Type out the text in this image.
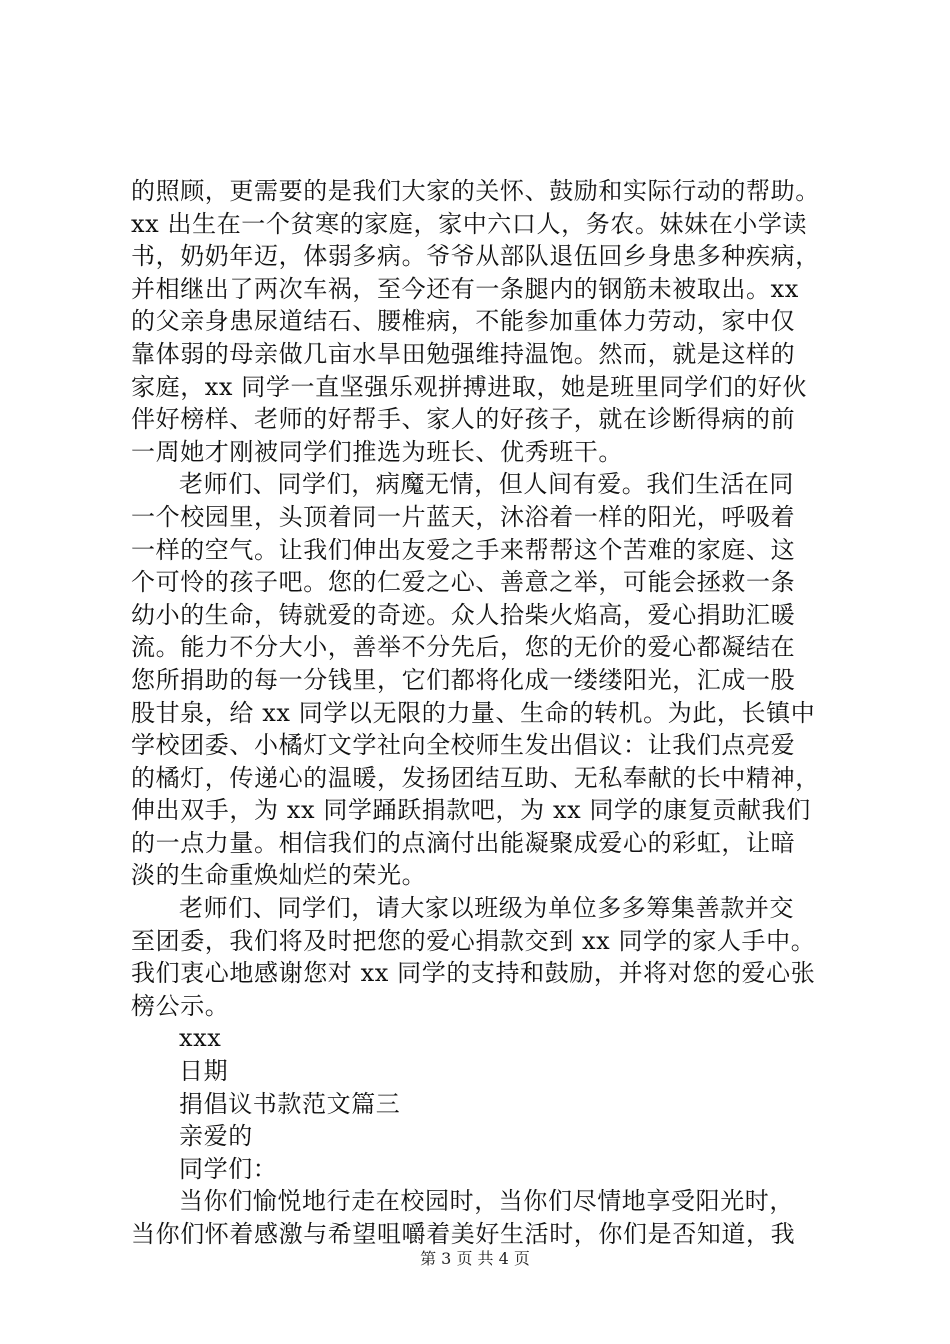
的照顾，更需要的是我们大家的关怀、鼓励和实际行动的帮助。
xx 出生在一个贫寒的家庭，家中六口人，务农。妹妹在小学读
书，奶奶年迈，体弱多病。爷爷从部队退伍回乡身患多种疾病，
并相继出了两次车祸，至今还有一条腿内的钢筋未被取出。xx
的父亲身患尿道结石、腰椎病，不能参加重体力劳动，家中仅
靠体弱的母亲做几亩水旱田勉强维持温饱。然而，就是这样的
家庭，xx 同学一直坚强乐观拼搏进取，她是班里同学们的好伙
伴好榜样、老师的好帮手、家人的好孩子，就在诊断得病的前
一周她才刚被同学们推选为班长、优秀班干。
老师们、同学们，病魔无情，但人间有爱。我们生活在同
一个校园里，头顶着同一片蓝天，沐浴着一样的阳光，呼吸着
一样的空气。让我们伸出友爱之手来帮帮这个苦难的家庭、这
个可怜的孩子吧。您的仁爱之心、善意之举，可能会拯救一条
幼小的生命，铸就爱的奇迹。众人拾柴火焰高，爱心捐助汇暖
流。能力不分大小，善举不分先后，您的无价的爱心都凝结在
您所捐助的每一分钱里，它们都将化成一缕缕阳光，汇成一股
股甘泉，给 xx 同学以无限的力量、生命的转机。为此，长镇中
学校团委、小橘灯文学社向全校师生发出倡议：让我们点亮爱
的橘灯，传递心的温暖，发扬团结互助、无私奉献的长中精神，
伸出双手，为 xx 同学踊跃捐款吧，为 xx 同学的康复贡献我们
的一点力量。相信我们的点滴付出能凝聚成爱心的彩虹，让暗
淡的生命重焕灿烂的荣光。
老师们、同学们，请大家以班级为单位多多筹集善款并交
至团委，我们将及时把您的爱心捐款交到 xx 同学的家人手中。
我们衷心地感谢您对 xx 同学的支持和鼓励，并将对您的爱心张
榜公示。
xxx
日期
捐倡议书款范文篇三
亲爱的
同学们：
当你们愉悦地行走在校园时，当你们尽情地享受阳光时，
当你们怀着感激与希望咀嚼着美好生活时，你们是否知道，我
第 3 页 共 4 页
